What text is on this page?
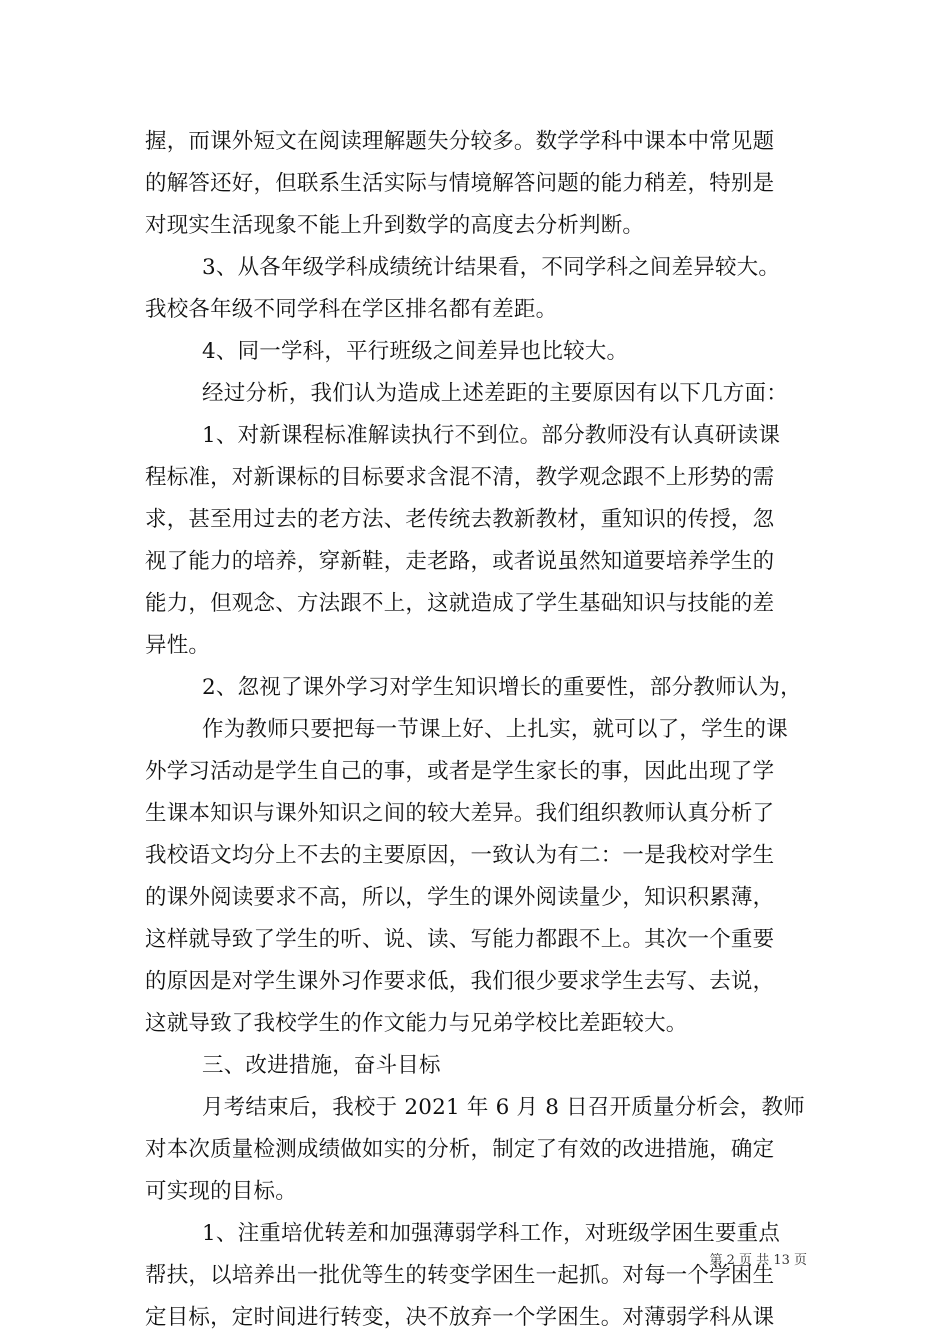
握，而课外短文在阅读理解题失分较多。数学学科中课本中常见题
的解答还好，但联系生活实际与情境解答问题的能力稍差，特别是
对现实生活现象不能上升到数学的高度去分析判断。
3、从各年级学科成绩统计结果看，不同学科之间差异较大。
我校各年级不同学科在学区排名都有差距。
4、同一学科，平行班级之间差异也比较大。
经过分析，我们认为造成上述差距的主要原因有以下几方面：
1、对新课程标准解读执行不到位。部分教师没有认真研读课
程标准，对新课标的目标要求含混不清，教学观念跟不上形势的需
求，甚至用过去的老方法、老传统去教新教材，重知识的传授，忽
视了能力的培养，穿新鞋，走老路，或者说虽然知道要培养学生的
能力，但观念、方法跟不上，这就造成了学生基础知识与技能的差
异性。
2、忽视了课外学习对学生知识增长的重要性，部分教师认为，
作为教师只要把每一节课上好、上扎实，就可以了，学生的课
外学习活动是学生自己的事，或者是学生家长的事，因此出现了学
生课本知识与课外知识之间的较大差异。我们组织教师认真分析了
我校语文均分上不去的主要原因，一致认为有二：一是我校对学生
的课外阅读要求不高，所以，学生的课外阅读量少，知识积累薄，
这样就导致了学生的听、说、读、写能力都跟不上。其次一个重要
的原因是对学生课外习作要求低，我们很少要求学生去写、去说，
这就导致了我校学生的作文能力与兄弟学校比差距较大。
三、改进措施，奋斗目标
月考结束后，我校于 2021 年 6 月 8 日召开质量分析会，教师
对本次质量检测成绩做如实的分析，制定了有效的改进措施，确定
可实现的目标。
1、注重培优转差和加强薄弱学科工作，对班级学困生要重点
帮扶，以培养出一批优等生的转变学困生一起抓。对每一个学困生
定目标，定时间进行转变，决不放弃一个学困生。对薄弱学科从课
第 2 页 共 13 页
